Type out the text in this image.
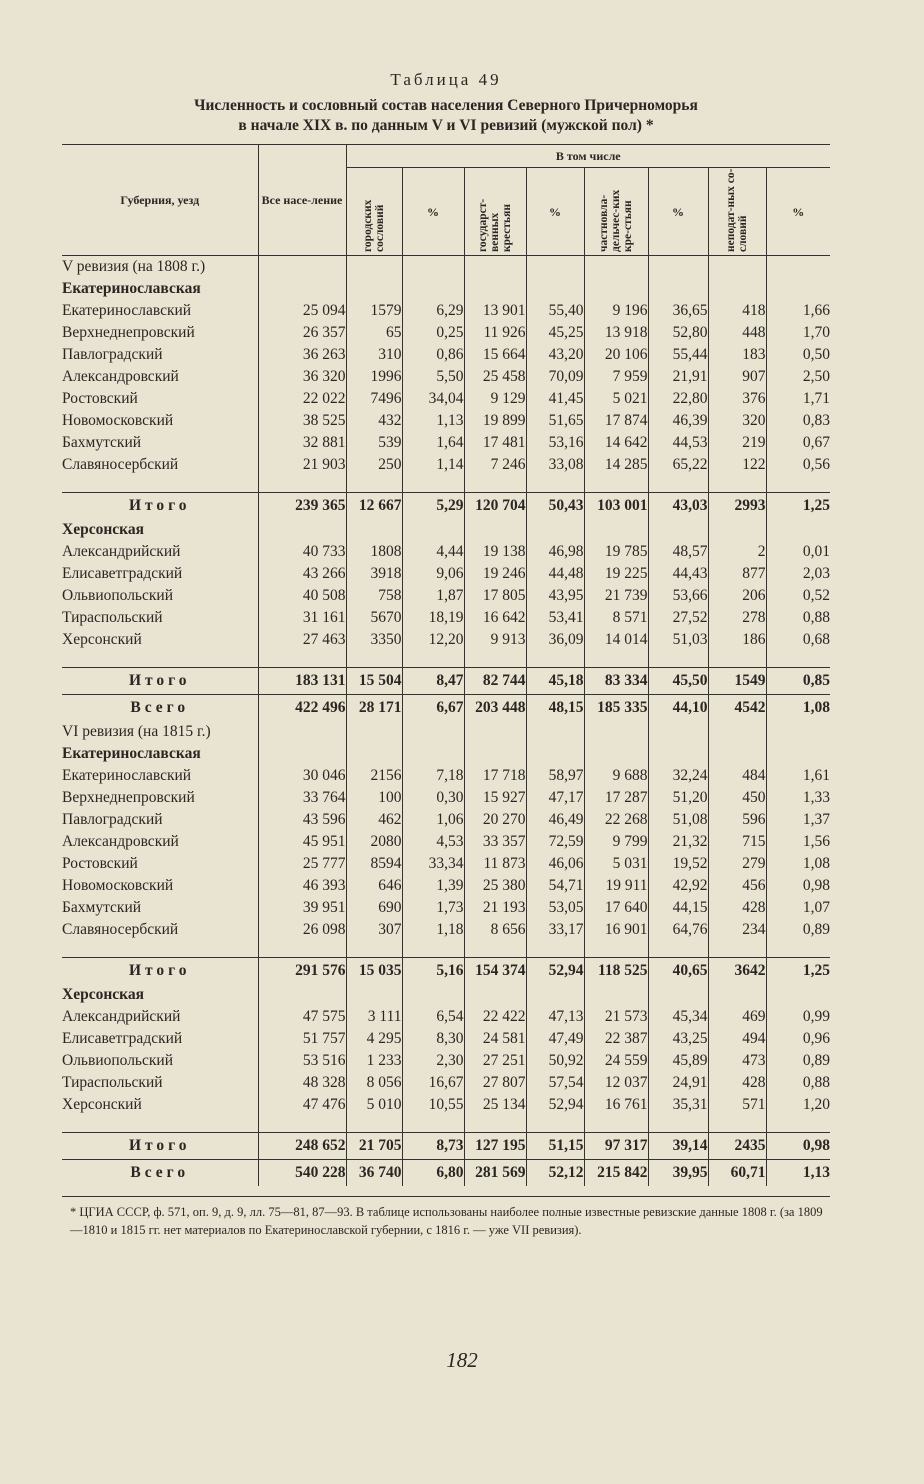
Таблица 49

Численность и сословный состав населения Северного Причерноморья

в начале XIX в. по данным V и VI ревизий (мужской пол) *

Губерния, уезд	Все насе-ление	В том числе							
		городских сословий	%	государст-венных крестьян	%	частновла-дельчес-ких кре-стьян	%	неподат-ных со-словий	%
V ревизия (на 1808 г.)									
Екатеринославская									
Екатеринославский	25 094	1579	6,29	13 901	55,40	9 196	36,65	418	1,66
Верхнеднепровский	26 357	65	0,25	11 926	45,25	13 918	52,80	448	1,70
Павлоградский	36 263	310	0,86	15 664	43,20	20 106	55,44	183	0,50
Александровский	36 320	1996	5,50	25 458	70,09	7 959	21,91	907	2,50
Ростовский	22 022	7496	34,04	9 129	41,45	5 021	22,80	376	1,71
Новомосковский	38 525	432	1,13	19 899	51,65	17 874	46,39	320	0,83
Бахмутский	32 881	539	1,64	17 481	53,16	14 642	44,53	219	0,67
Славяносербский	21 903	250	1,14	7 246	33,08	14 285	65,22	122	0,56

Итого	239 365	12 667	5,29	120 704	50,43	103 001	43,03	2993	1,25
Херсонская									
Александрийский	40 733	1808	4,44	19 138	46,98	19 785	48,57	2	0,01
Елисаветградский	43 266	3918	9,06	19 246	44,48	19 225	44,43	877	2,03
Ольвиопольский	40 508	758	1,87	17 805	43,95	21 739	53,66	206	0,52
Тираспольский	31 161	5670	18,19	16 642	53,41	8 571	27,52	278	0,88
Херсонский	27 463	3350	12,20	9 913	36,09	14 014	51,03	186	0,68

Итого	183 131	15 504	8,47	82 744	45,18	83 334	45,50	1549	0,85
Всего	422 496	28 171	6,67	203 448	48,15	185 335	44,10	4542	1,08
VI ревизия (на 1815 г.)									
Екатеринославская									
Екатеринославский	30 046	2156	7,18	17 718	58,97	9 688	32,24	484	1,61
Верхнеднепровский	33 764	100	0,30	15 927	47,17	17 287	51,20	450	1,33
Павлоградский	43 596	462	1,06	20 270	46,49	22 268	51,08	596	1,37
Александровский	45 951	2080	4,53	33 357	72,59	9 799	21,32	715	1,56
Ростовский	25 777	8594	33,34	11 873	46,06	5 031	19,52	279	1,08
Новомосковский	46 393	646	1,39	25 380	54,71	19 911	42,92	456	0,98
Бахмутский	39 951	690	1,73	21 193	53,05	17 640	44,15	428	1,07
Славяносербский	26 098	307	1,18	8 656	33,17	16 901	64,76	234	0,89

Итого	291 576	15 035	5,16	154 374	52,94	118 525	40,65	3642	1,25
Херсонская									
Александрийский	47 575	3 111	6,54	22 422	47,13	21 573	45,34	469	0,99
Елисаветградский	51 757	4 295	8,30	24 581	47,49	22 387	43,25	494	0,96
Ольвиопольский	53 516	1 233	2,30	27 251	50,92	24 559	45,89	473	0,89
Тираспольский	48 328	8 056	16,67	27 807	57,54	12 037	24,91	428	0,88
Херсонский	47 476	5 010	10,55	25 134	52,94	16 761	35,31	571	1,20

Итого	248 652	21 705	8,73	127 195	51,15	97 317	39,14	2435	0,98
Всего	540 228	36 740	6,80	281 569	52,12	215 842	39,95	60,71	1,13
* ЦГИА СССР, ф. 571, оп. 9, д. 9, лл. 75—81, 87—93. В таблице использованы наиболее полные известные ревизские данные 1808 г. (за 1809—1810 и 1815 гг. нет материалов по Екатеринославской губернии, с 1816 г. — уже VII ревизия).
182
